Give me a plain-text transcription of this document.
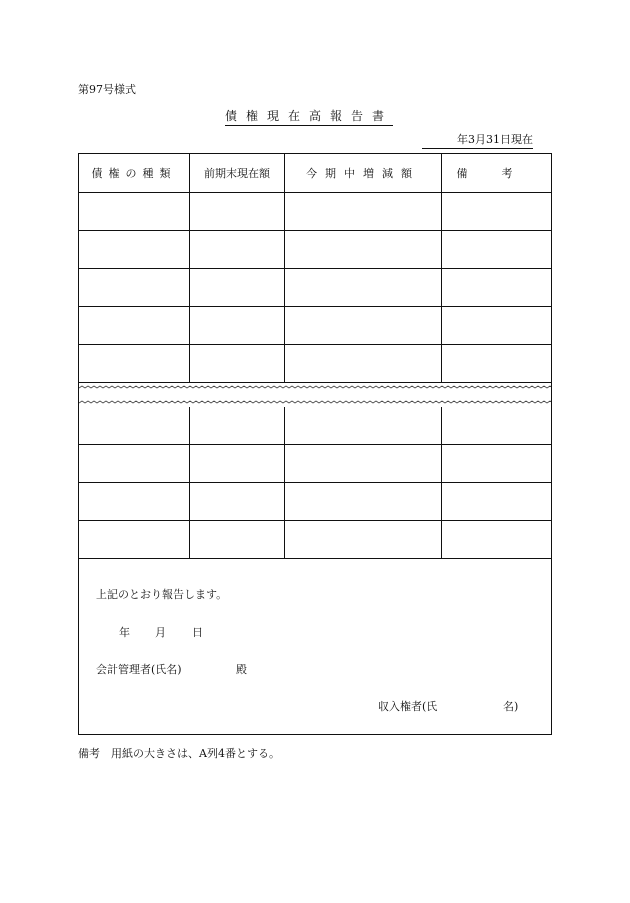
第97号様式
債権現在高報告書
年3月31日現在
債権の種類	前期末現在額	今期中増減額	備考
上記のとおり報告します。
年 月 日
会計管理者(氏名)	殿
収入権者(氏	名)
備考　用紙の大きさは、A列4番とする。
